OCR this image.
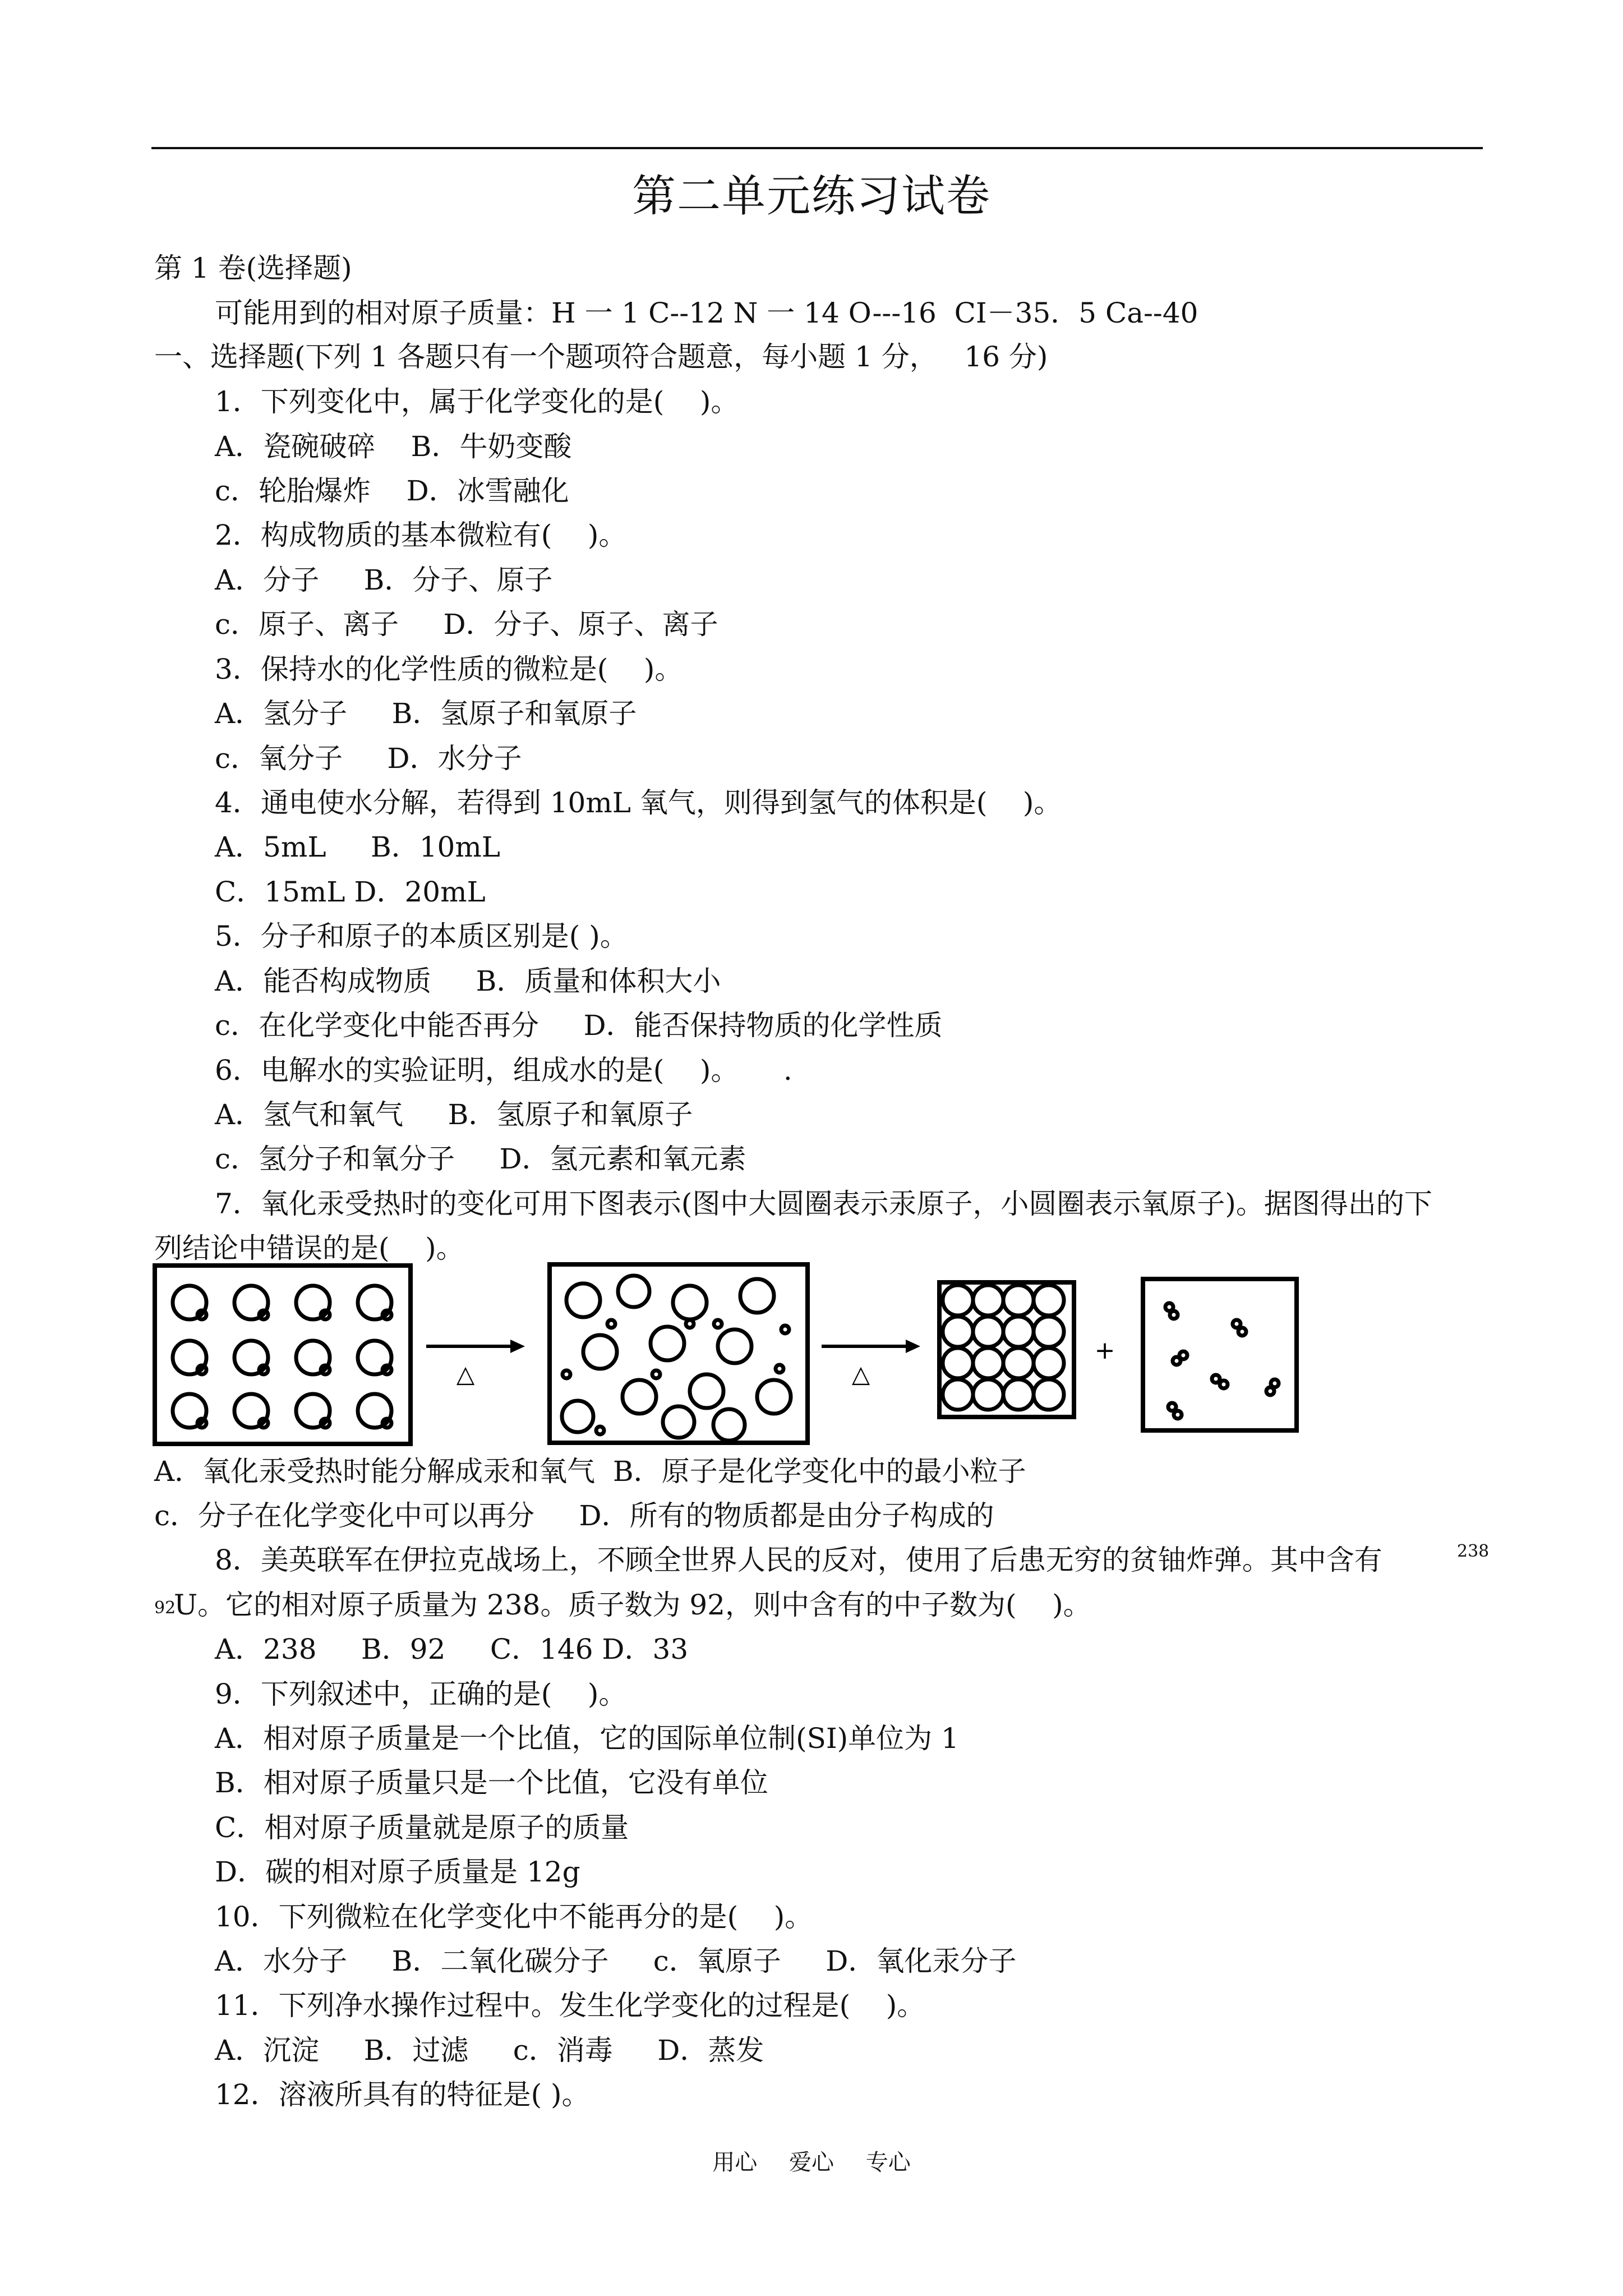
第二单元练习试卷
第 1 卷(选择题)
可能用到的相对原子质量：H 一 1 C--12 N 一 14 O---16  CI－35．5 Ca--40
一、选择题(下列 1 各题只有一个题项符合题意，每小题 1 分，   16 分)
1．下列变化中，属于化学变化的是(    )。
A．瓷碗破碎    B．牛奶变酸
c．轮胎爆炸    D．冰雪融化
2．构成物质的基本微粒有(    )。
A．分子     B．分子、原子
c．原子、离子     D．分子、原子、离子
3．保持水的化学性质的微粒是(    )。
A．氢分子     B．氢原子和氧原子
c．氧分子     D．水分子
4．通电使水分解，若得到 10mL 氧气，则得到氢气的体积是(    )。
A．5mL     B．10mL
C．15mL D．20mL
5．分子和原子的本质区别是( )。
A．能否构成物质     B．质量和体积大小
c．在化学变化中能否再分     D．能否保持物质的化学性质
6．电解水的实验证明，组成水的是(    )。     .
A．氢气和氧气     B．氢原子和氧原子
c．氢分子和氧分子     D．氢元素和氧元素
7．氧化汞受热时的变化可用下图表示(图中大圆圈表示汞原子，小圆圈表示氧原子)。据图得出的下
列结论中错误的是(    )。
△	△
+
A．氧化汞受热时能分解成汞和氧气  B．原子是化学变化中的最小粒子
c．分子在化学变化中可以再分     D．所有的物质都是由分子构成的
8．美英联军在伊拉克战场上，不顾全世界人民的反对，使用了后患无穷的贫铀炸弹。其中含有	238
92
U。它的相对原子质量为 238。质子数为 92，则中含有的中子数为(    )。
A．238     B．92     C．146 D．33
9．下列叙述中，正确的是(    )。
A．相对原子质量是一个比值，它的国际单位制(SI)单位为 1
B．相对原子质量只是一个比值，它没有单位
C．相对原子质量就是原子的质量
D．碳的相对原子质量是 12g
10．下列微粒在化学变化中不能再分的是(    )。
A．水分子     B．二氧化碳分子     c．氧原子     D．氧化汞分子
11．下列净水操作过程中。发生化学变化的过程是(    )。
A．沉淀     B．过滤     c．消毒     D．蒸发
12．溶液所具有的特征是( )。
用心 爱心 专心
